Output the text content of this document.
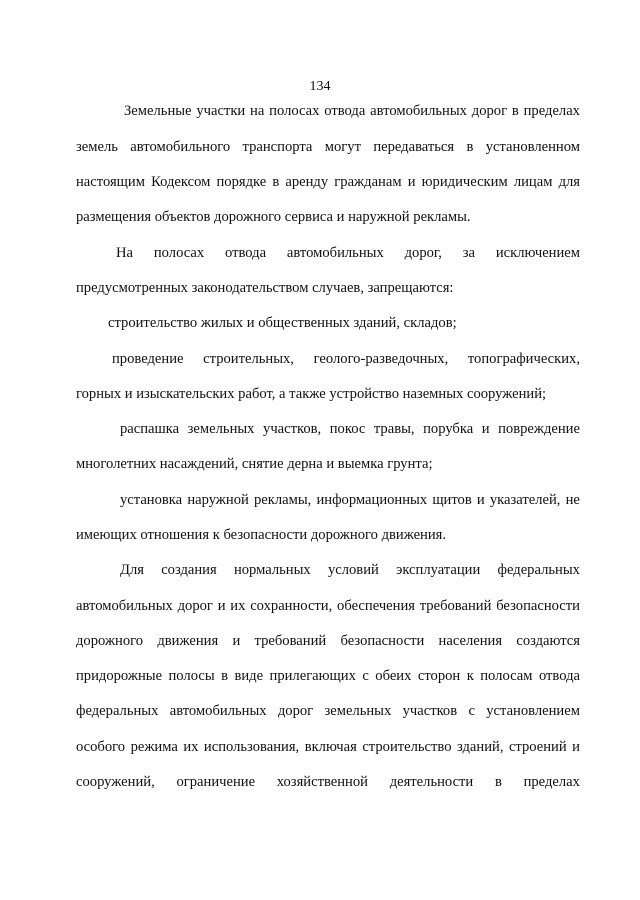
134
Земельные участки на полосах отвода автомобильных дорог в пределах
земель автомобильного транспорта могут передаваться в установленном
настоящим Кодексом порядке в аренду гражданам и юридическим лицам для
размещения объектов дорожного сервиса и наружной рекламы.
На полосах отвода автомобильных дорог, за исключением
предусмотренных законодательством случаев, запрещаются:
строительство жилых и общественных зданий, складов;
проведение строительных, геолого-разведочных, топографических,
горных и изыскательских работ, а также устройство наземных сооружений;
распашка земельных участков, покос травы, порубка и повреждение
многолетних насаждений, снятие дерна и выемка грунта;
установка наружной рекламы, информационных щитов и указателей, не
имеющих отношения к безопасности дорожного движения.
Для создания нормальных условий эксплуатации федеральных
автомобильных дорог и их сохранности, обеспечения требований безопасности
дорожного движения и требований безопасности населения создаются
придорожные полосы в виде прилегающих с обеих сторон к полосам отвода
федеральных автомобильных дорог земельных участков с установлением
особого режима их использования, включая строительство зданий, строений и
сооружений, ограничение хозяйственной деятельности в пределах
